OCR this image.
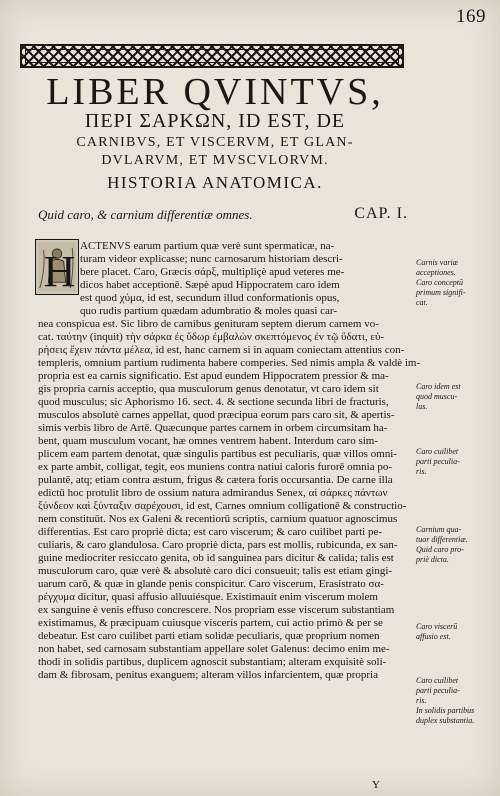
169
LIBER QVINTVS,
ΠΕΡΙ ΣΑΡΚΩΝ, ID EST, DE
CARNIBVS, ET VISCERVM, ET GLAN-
DVLARVM, ET MVSCVLORVM.
HISTORIA ANATOMICA.
Quid caro, & carnium differentiæ omnes.	CAP. I.
H
ACTENVS earum partium quæ verè sunt spermaticæ, na-
turam videor explicasse; nunc carnosarum historiam descri-
bere placet. Caro, Græcis σάρξ, multipliçè apud veteres me-
dicos habet acceptionē. Sæpè apud Hippocratem caro idem
est quod χύμα, id est, secundum illud conformationis opus,
quo rudis partium quædam adumbratio & moles quasi car-
nea conspicua est. Sic libro de carnibus genituram septem dierum carnem vo-
cat. ταύτην (inquit) τὴν σάρκα ἐς ὕδωρ ἐμβαλὼν σκεπτόμενος ἐν τῷ ὕδατι, εὑ-
ρήσεις ἔχειν πάντα μέλεα, id est, hanc carnem si in aquam coniectam attentius con-
templeris, omnium partium rudimenta habere comperies. Sed nimis ampla & valdè im-
propria est ea carnis significatio. Est apud eundem Hippocratem pressior & ma-
gis propria carnis acceptio, qua musculorum genus denotatur, vt caro idem sit
quod musculus; sic Aphorismo 16. sect. 4. & sectione secunda libri de fracturis,
musculos absolutè carnes appellat, quod præcipua eorum pars caro sit, & apertis-
simis verbis libro de Artē. Quæcunque partes carnem in orbem circumsitam ha-
bent, quam musculum vocant, hæ omnes ventrem habent. Interdum caro sim-
plicem eam partem denotat, quæ singulis partibus est peculiaris, quæ villos omni-
ex parte ambit, colligat, tegit, eos muniens contra natiui caloris furorē omnia po-
pulantē, atq; etiam contra æstum, frigus & cætera foris occursantia. De carne illa
edictū hoc protulit libro de ossium natura admirandus Senex, αἱ σάρκες πάντων
ξύνδεον καὶ ξύνταξιν σαρέχουσι, id est, Carnes omnium colligationē & constructio-
nem constituūt. Nos ex Galeni & recentiorū scriptis, carnium quatuor agnoscimus
differentias. Est caro propriè dicta; est caro viscerum; & caro cuilibet parti pe-
culiaris, & caro glandulosa. Caro propriè dicta, pars est mollis, rubicunda, ex san-
guine mediocriter resiccato genita, ob id sanguinea pars dicitur & calida; talis est
musculorum caro, quæ verè & absolutè caro dici consueuit; talis est etiam gingi-
uarum carō, & quæ in glande penis conspicitur. Caro viscerum, Erasistrato σα-
ρέγχυμα dicitur, quasi affusio alluuiésque. Existimauit enim viscerum molem
ex sanguine è venis effuso concrescere. Nos propriam esse viscerum substantiam
existimamus, & præcipuam cuiusque viscerís partem, cui actio primò & per se
debeatur. Est caro cuilibet parti etiam solidæ peculiaris, quæ proprium nomen
non habet, sed carnosam substantiam appellare solet Galenus: decimo enim me-
thodi in solidis partibus, duplicem agnoscit substantiam; alteram exquisitè soli-
dam & fibrosam, penitus exanguem; alteram villos infarcientem, quæ propria
Carnis variæ
acceptiones.
Caro conceptū
primum signifi-
cat.
Caro idem est
quod muscu-
lus.
Caro cuilibet
parti peculia-
ris.
Carnium qua-
tuor differentiæ.
Quid caro pro-
priè dicta.
Caro viscerū
affusio est.
Caro cuilibet
parti peculia-
ris.
In solidis partibus
duplex substantia.
Y
